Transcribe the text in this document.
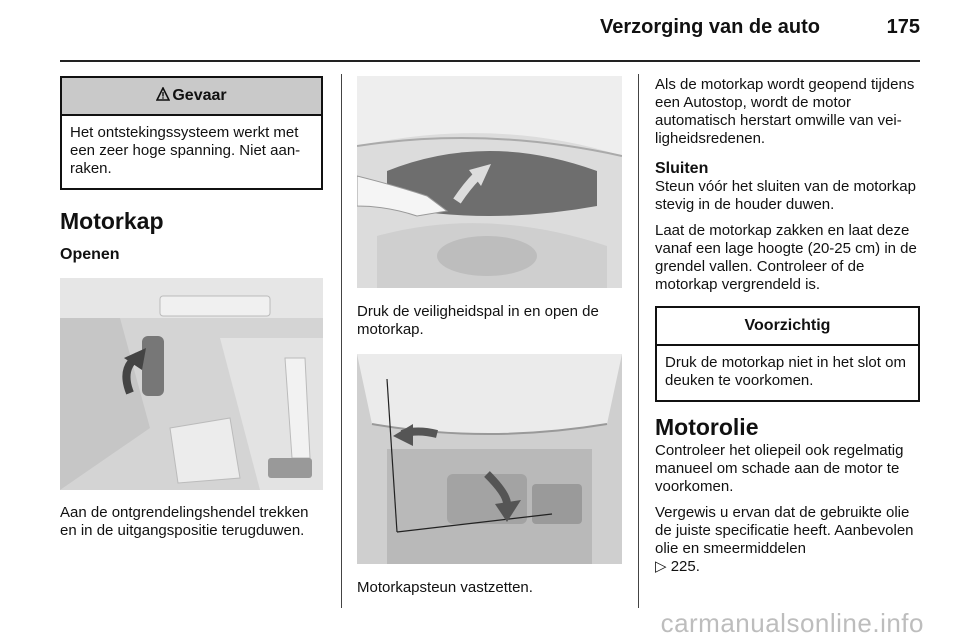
Verzorging van de auto	175
Gevaar
Het ontstekingssysteem werkt met een zeer hoge spanning. Niet aanraken.
Motorkap
Openen

Aan de ontgrendelingshendel trekken en in de uitgangspositie terugduwen.

Druk de veiligheidspal in en open de motorkap.

Motorkapsteun vastzetten.

Als de motorkap wordt geopend tijdens een Autostop, wordt de motor automatisch herstart omwille van veiligheidsredenen.

Sluiten

Steun vóór het sluiten van de motorkap stevig in de houder duwen.

Laat de motorkap zakken en laat deze vanaf een lage hoogte (20-25 cm) in de grendel vallen. Controleer of de motorkap vergrendeld is.

Voorzichtig
Druk de motorkap niet in het slot om deuken te voorkomen.
Motorolie

Controleer het oliepeil ook regelmatig manueel om schade aan de motor te voorkomen.

Vergewis u ervan dat de gebruikte olie de juiste specificatie heeft. Aanbevolen olie en smeermiddelen

▷ 225.

carmanualsonline.info
